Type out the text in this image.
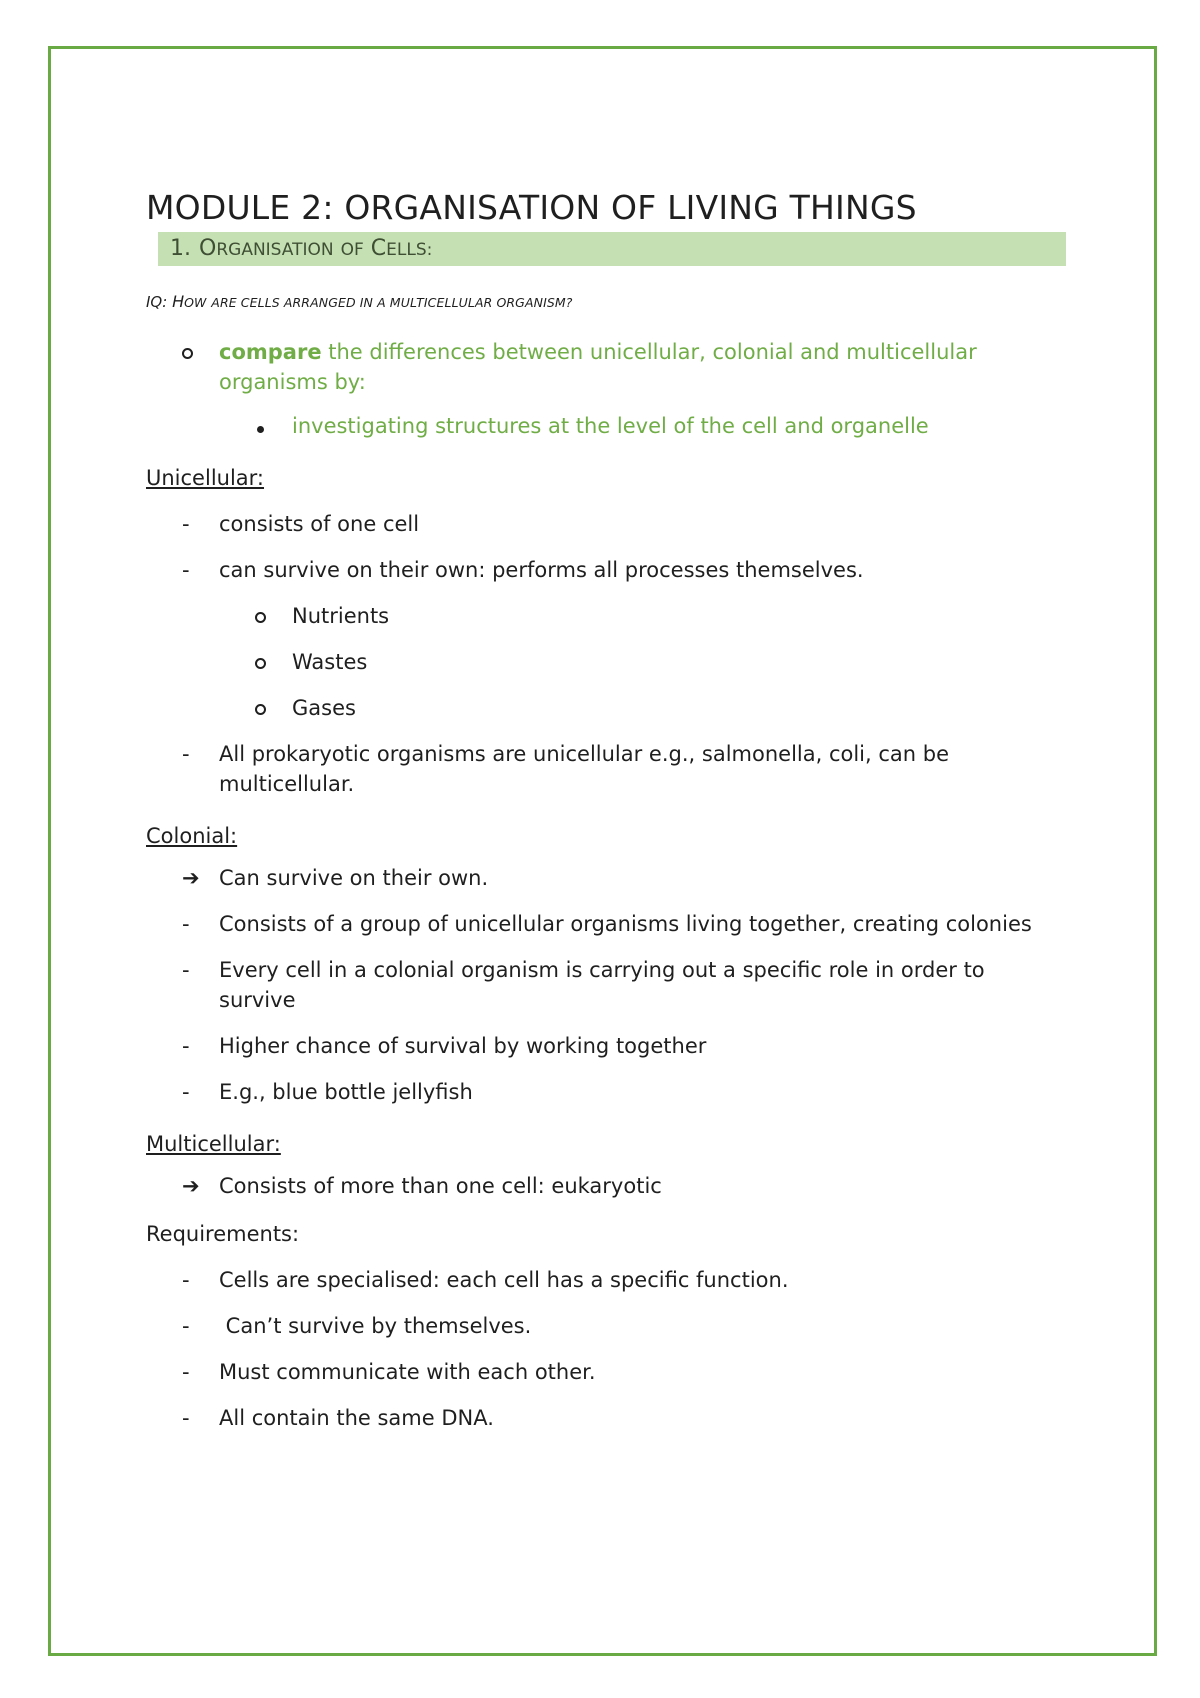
MODULE 2: ORGANISATION OF LIVING THINGS
1. ORGANISATION OF CELLS:
IQ: HOW ARE CELLS ARRANGED IN A MULTICELLULAR ORGANISM?
compare the differences between unicellular, colonial and multicellular organisms by:
investigating structures at the level of the cell and organelle
Unicellular:
- consists of one cell
- can survive on their own: performs all processes themselves.
Nutrients
Wastes
Gases
- All prokaryotic organisms are unicellular e.g., salmonella, coli, can be multicellular.
Colonial:
➔ Can survive on their own.
- Consists of a group of unicellular organisms living together, creating colonies
- Every cell in a colonial organism is carrying out a specific role in order to survive
- Higher chance of survival by working together
- E.g., blue bottle jellyfish
Multicellular:
➔ Consists of more than one cell: eukaryotic
Requirements:
- Cells are specialised: each cell has a specific function.
- Can’t survive by themselves.
- Must communicate with each other.
- All contain the same DNA.
